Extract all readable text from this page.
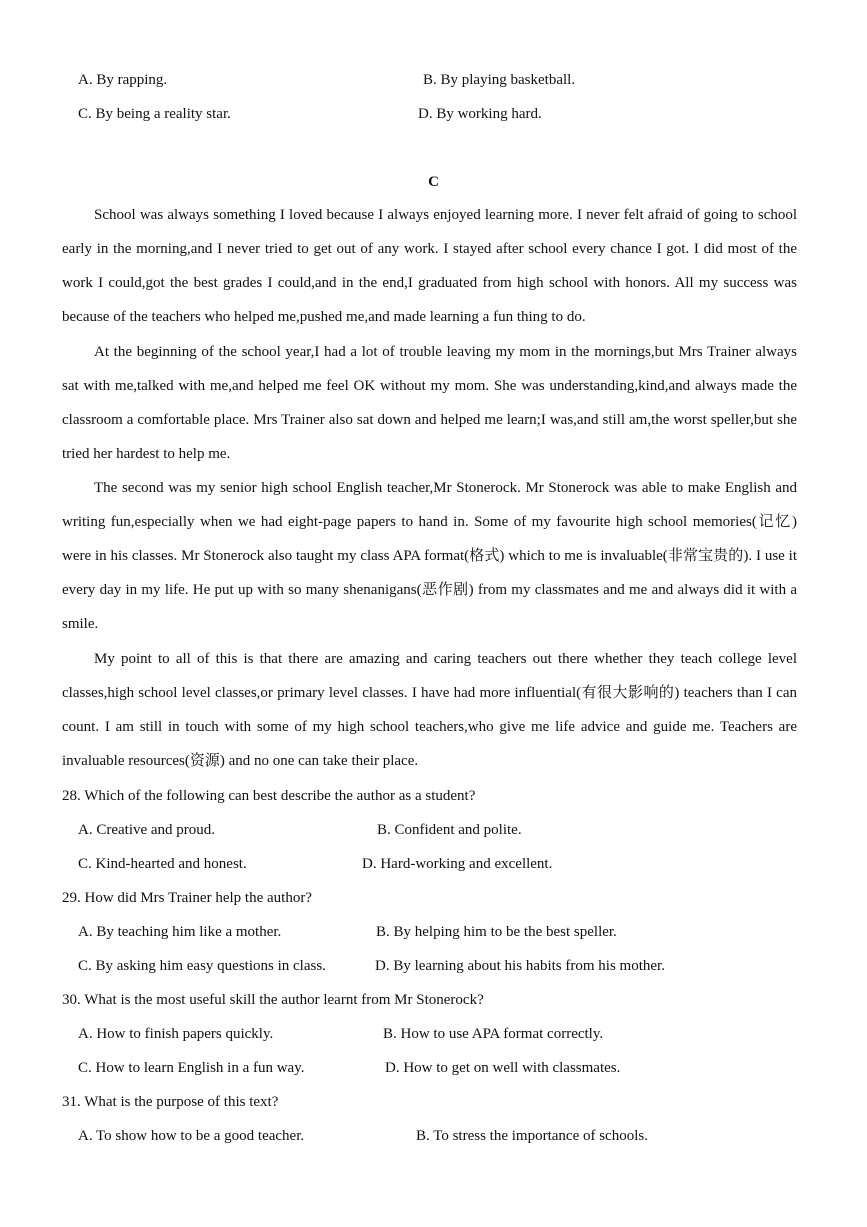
A. By rapping.	B. By playing basketball.
C. By being a reality star.	D. By working hard.
C

School was always something I loved because I always enjoyed learning more. I never felt afraid of going to school early in the morning,and I never tried to get out of any work. I stayed after school every chance I got. I did most of the work I could,got the best grades I could,and in the end,I graduated from high school with honors. All my success was because of the teachers who helped me,pushed me,and made learning a fun thing to do.

At the beginning of the school year,I had a lot of trouble leaving my mom in the mornings,but Mrs Trainer always sat with me,talked with me,and helped me feel OK without my mom. She was understanding,kind,and always made the classroom a comfortable place. Mrs Trainer also sat down and helped me learn;I was,and still am,the worst speller,but she tried her hardest to help me.

The second was my senior high school English teacher,Mr Stonerock. Mr Stonerock was able to make English and writing fun,especially when we had eight-page papers to hand in. Some of my favourite high school memories(记忆) were in his classes. Mr Stonerock also taught my class APA format(格式) which to me is invaluable(非常宝贵的). I use it every day in my life. He put up with so many shenanigans(恶作剧) from my classmates and me and always did it with a smile.

My point to all of this is that there are amazing and caring teachers out there whether they teach college level classes,high school level classes,or primary level classes. I have had more influential(有很大影响的) teachers than I can count. I am still in touch with some of my high school teachers,who give me life advice and guide me. Teachers are invaluable resources(资源) and no one can take their place.

28. Which of the following can best describe the author as a student?
A. Creative and proud.	B. Confident and polite.
C. Kind-hearted and honest.	D. Hard-working and excellent.
29. How did Mrs Trainer help the author?
A. By teaching him like a mother.	B. By helping him to be the best speller.
C. By asking him easy questions in class.	D. By learning about his habits from his mother.
30. What is the most useful skill the author learnt from Mr Stonerock?
A. How to finish papers quickly.	B. How to use APA format correctly.
C. How to learn English in a fun way.	D. How to get on well with classmates.
31. What is the purpose of this text?
A. To show how to be a good teacher.	B. To stress the importance of schools.
